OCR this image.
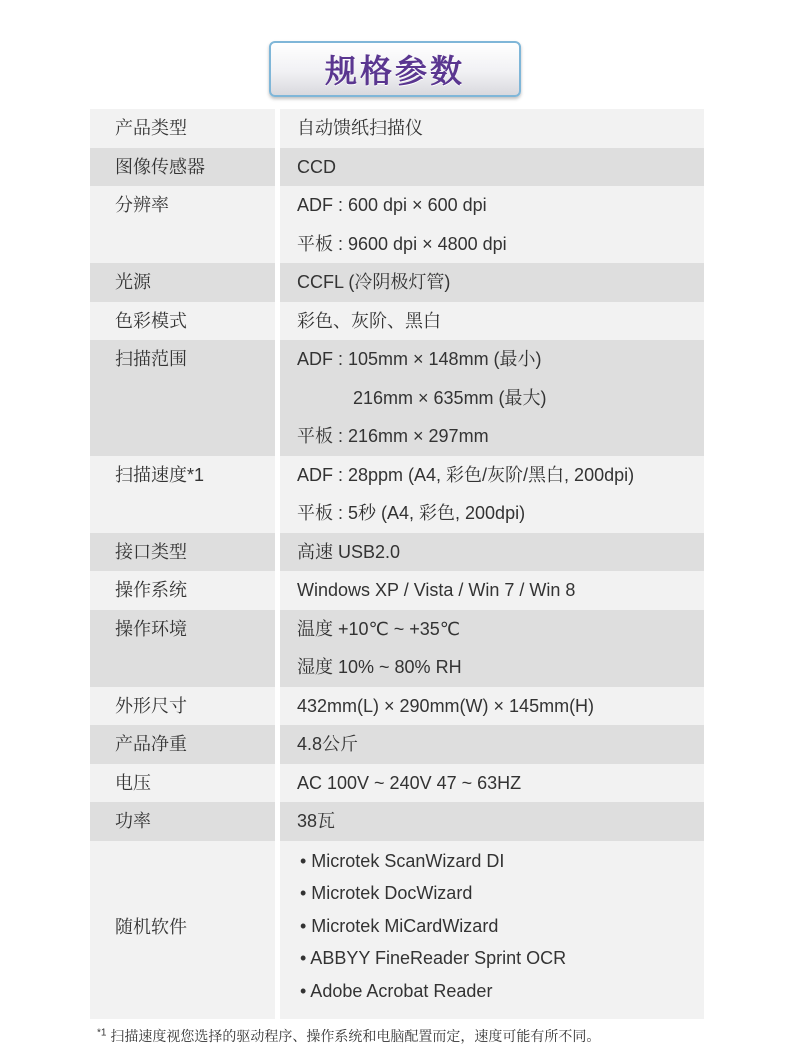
规格参数
产品类型	自动馈纸扫描仪

图像传感器	CCD

分辨率	ADF : 600 dpi × 600 dpi
平板 : 9600 dpi × 4800 dpi

光源	CCFL (冷阴极灯管)

色彩模式	彩色、灰阶、黑白

扫描范围	ADF : 105mm × 148mm (最小)
216mm × 635mm (最大)
平板 : 216mm × 297mm

扫描速度*1	ADF : 28ppm (A4, 彩色/灰阶/黑白, 200dpi)
平板 : 5秒 (A4, 彩色, 200dpi)

接口类型	高速 USB2.0

操作系统	Windows XP / Vista / Win 7 / Win 8

操作环境	温度 +10℃ ~ +35℃
湿度 10% ~ 80% RH

外形尺寸	432mm(L) × 290mm(W) × 145mm(H)

产品净重	4.8公斤

电压	AC 100V ~ 240V 47 ~ 63HZ

功率	38瓦

随机软件	• Microtek ScanWizard DI
• Microtek DocWizard
• Microtek MiCardWizard
• ABBYY FineReader Sprint OCR
• Adobe Acrobat Reader
$^{*1}$ 扫描速度视您选择的驱动程序、操作系统和电脑配置而定，速度可能有所不同。
